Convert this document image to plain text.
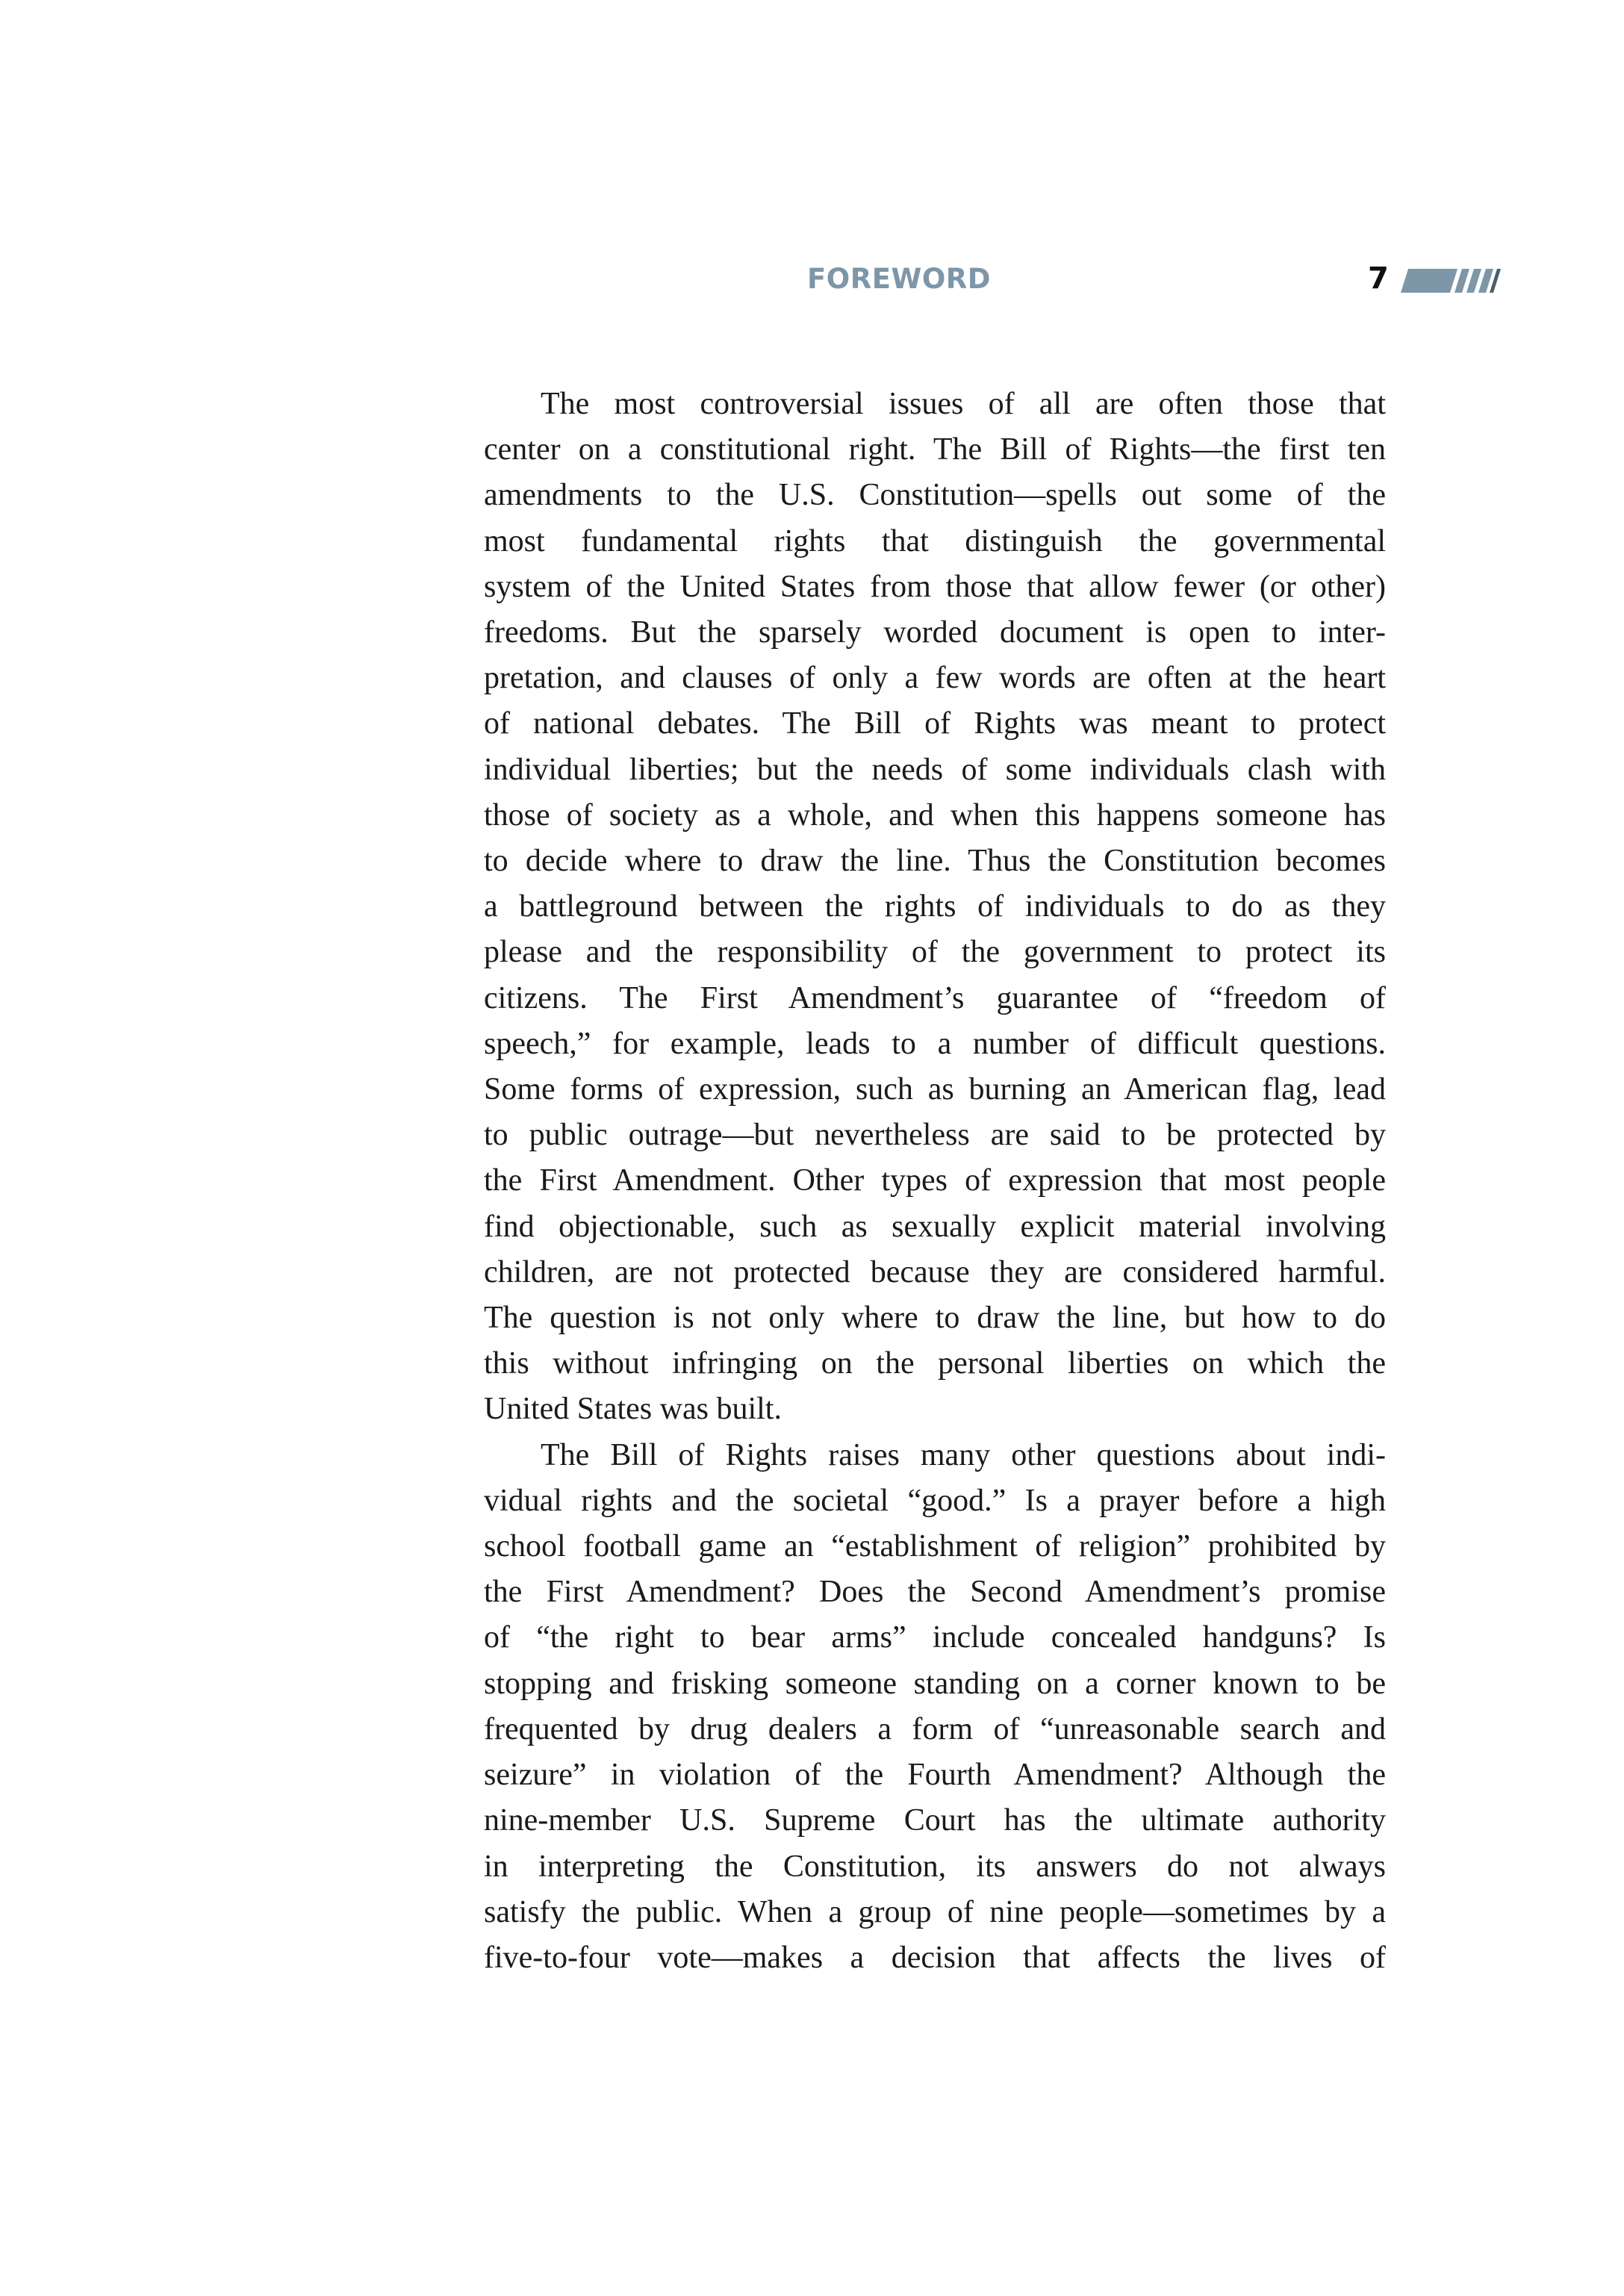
FOREWORD	7
The most controversial issues of all are often those that
center on a constitutional right. The Bill of Rights—the first ten
amendments to the U.S. Constitution—spells out some of the
most fundamental rights that distinguish the governmental
system of the United States from those that allow fewer (or other)
freedoms. But the sparsely worded document is open to inter-
pretation, and clauses of only a few words are often at the heart
of national debates. The Bill of Rights was meant to protect
individual liberties; but the needs of some individuals clash with
those of society as a whole, and when this happens someone has
to decide where to draw the line. Thus the Constitution becomes
a battleground between the rights of individuals to do as they
please and the responsibility of the government to protect its
citizens. The First Amendment’s guarantee of “freedom of
speech,” for example, leads to a number of difficult questions.
Some forms of expression, such as burning an American flag, lead
to public outrage—but nevertheless are said to be protected by
the First Amendment. Other types of expression that most people
find objectionable, such as sexually explicit material involving
children, are not protected because they are considered harmful.
The question is not only where to draw the line, but how to do
this without infringing on the personal liberties on which the
United States was built.
The Bill of Rights raises many other questions about indi-
vidual rights and the societal “good.” Is a prayer before a high
school football game an “establishment of religion” prohibited by
the First Amendment? Does the Second Amendment’s promise
of “the right to bear arms” include concealed handguns? Is
stopping and frisking someone standing on a corner known to be
frequented by drug dealers a form of “unreasonable search and
seizure” in violation of the Fourth Amendment? Although the
nine-member U.S. Supreme Court has the ultimate authority
in interpreting the Constitution, its answers do not always
satisfy the public. When a group of nine people—sometimes by a
five-to-four vote—makes a decision that affects the lives of
